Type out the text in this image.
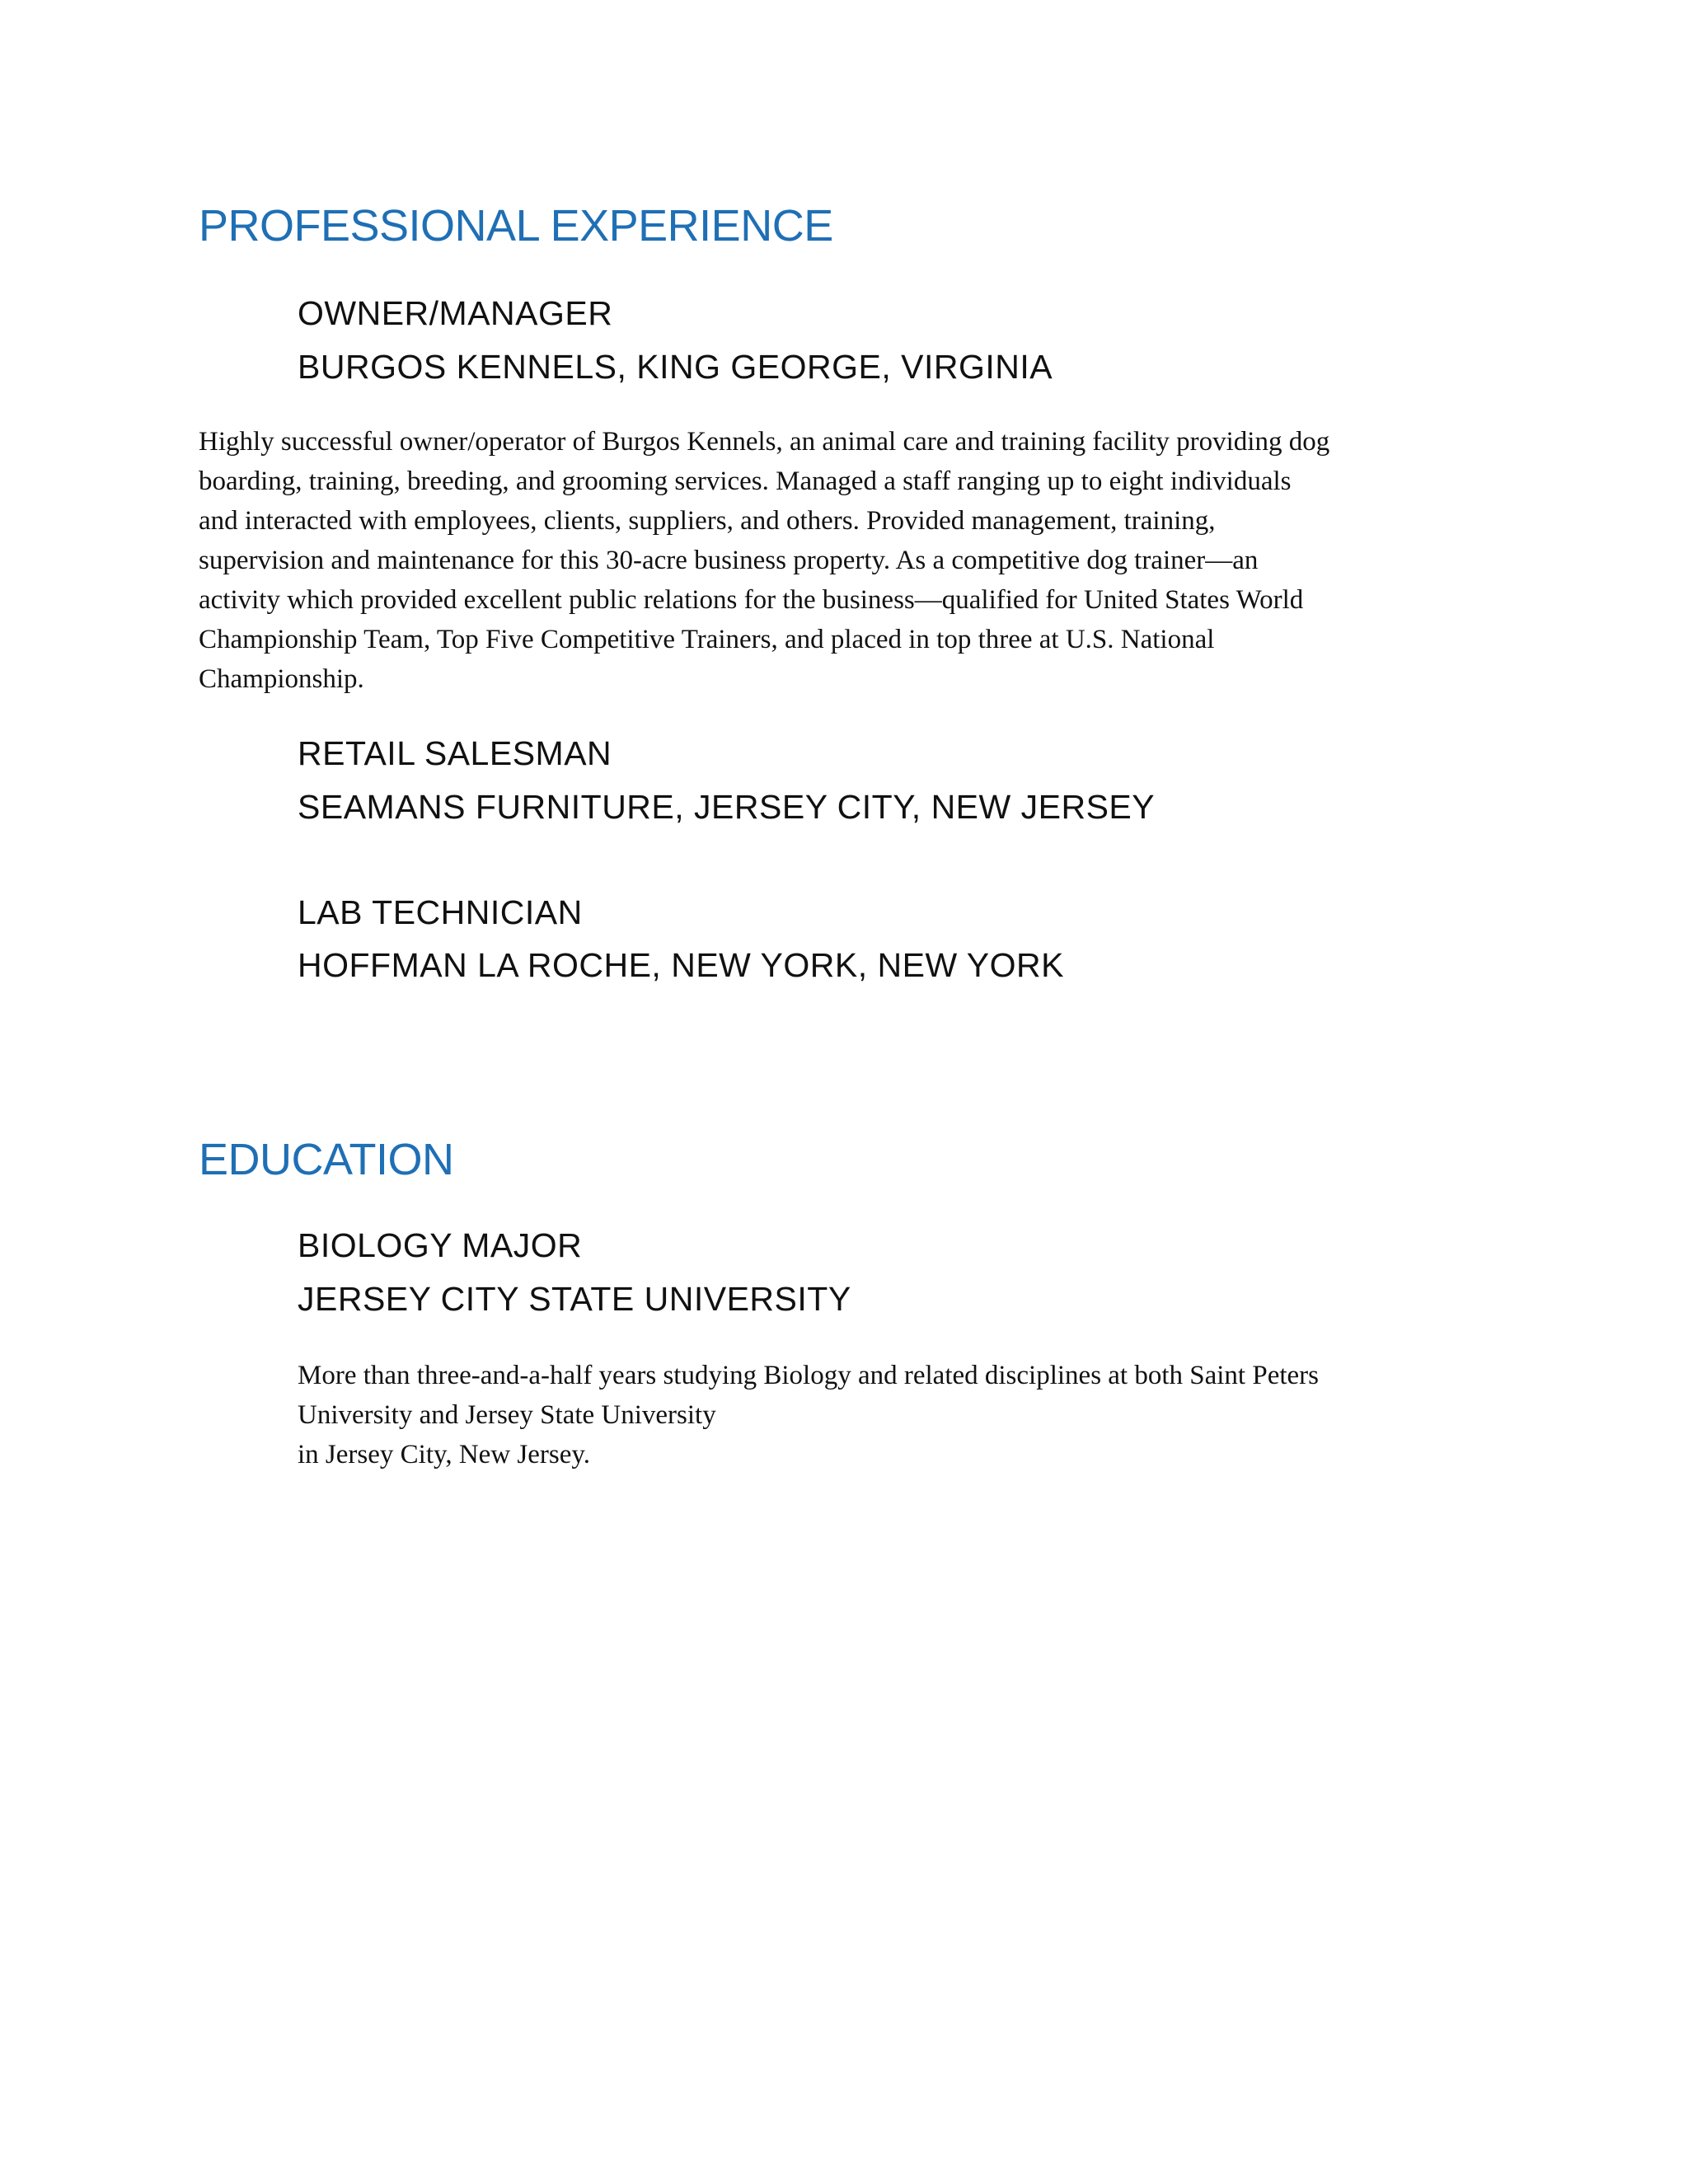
PROFESSIONAL EXPERIENCE
OWNER/MANAGER
BURGOS KENNELS, KING GEORGE, VIRGINIA
Highly successful owner/operator of Burgos Kennels, an animal care and training facility providing dog
boarding, training, breeding, and grooming services. Managed a staff ranging up to eight individuals
and interacted with employees, clients, suppliers, and others. Provided management, training,
supervision and maintenance for this 30-acre business property. As a competitive dog trainer—an
activity which provided excellent public relations for the business—qualified for United States World
Championship Team, Top Five Competitive Trainers, and placed in top three at U.S. National
Championship.
RETAIL SALESMAN
SEAMANS FURNITURE, JERSEY CITY, NEW JERSEY
LAB TECHNICIAN
HOFFMAN LA ROCHE, NEW YORK, NEW YORK
EDUCATION
BIOLOGY MAJOR
JERSEY CITY STATE UNIVERSITY
More than three-and-a-half years studying Biology and related disciplines at both Saint Peters
University and Jersey State University
in Jersey City, New Jersey.
